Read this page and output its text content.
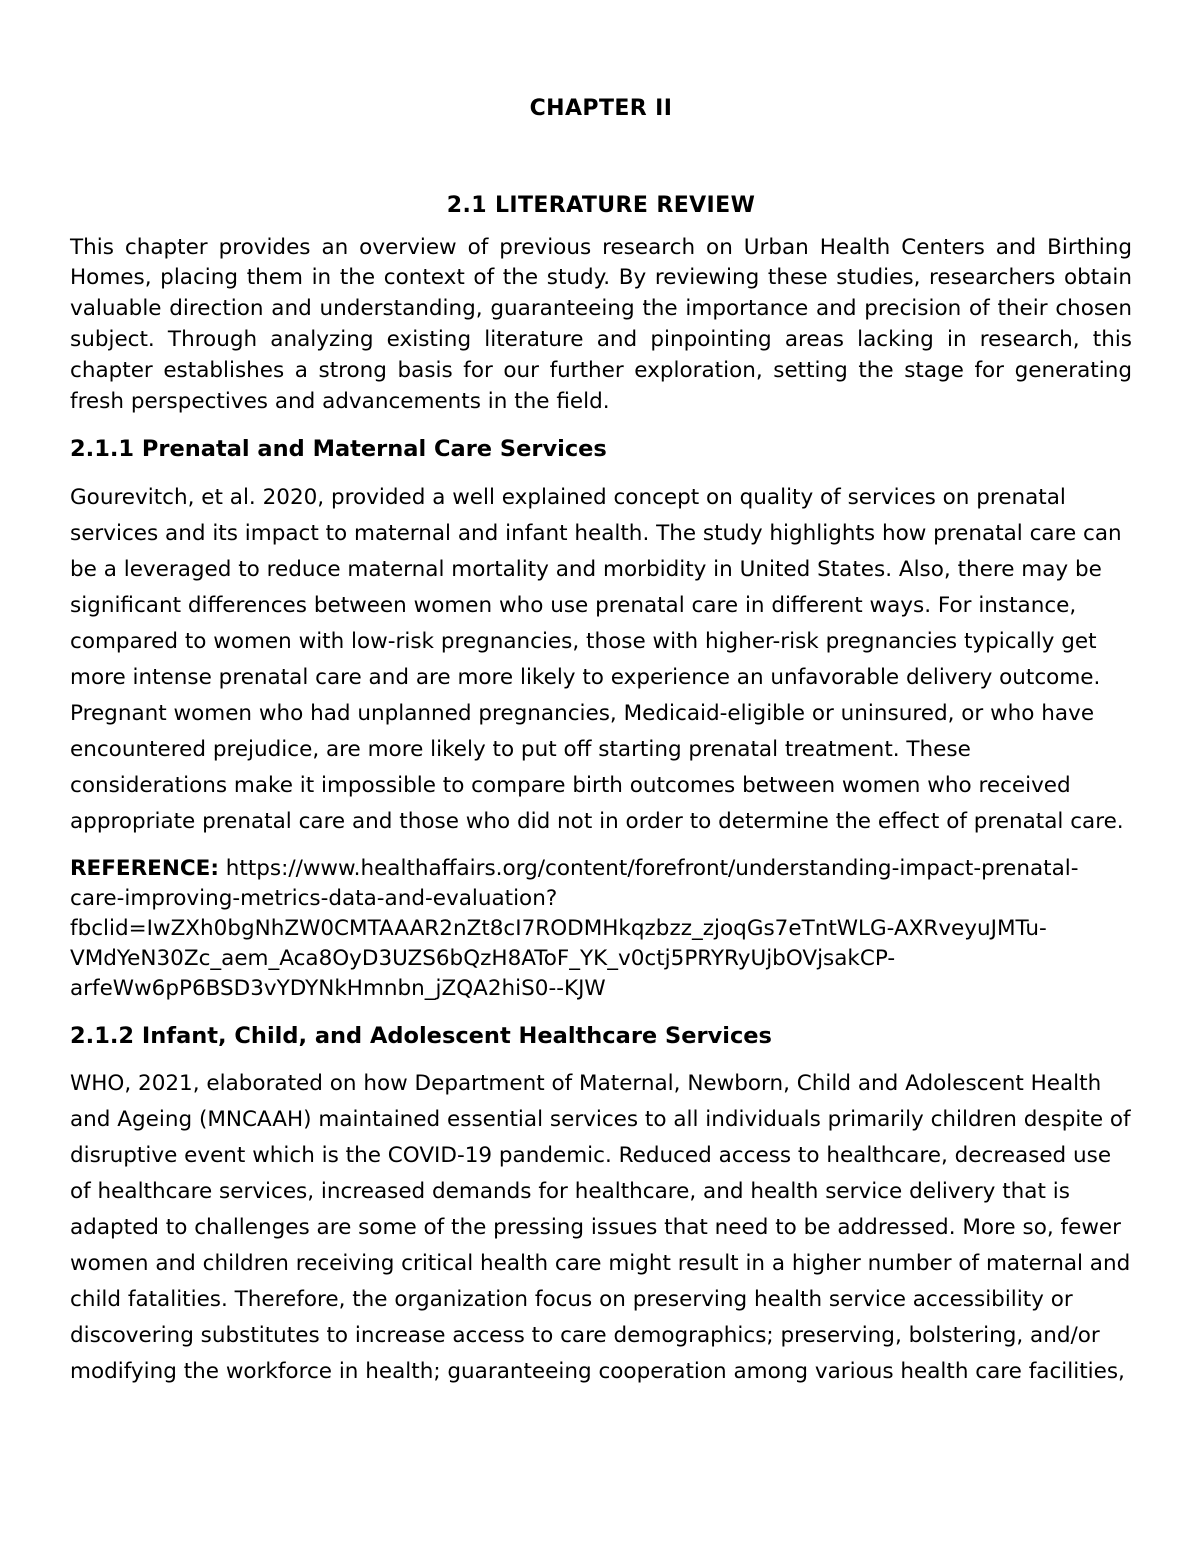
CHAPTER II
2.1 LITERATURE REVIEW

This chapter provides an overview of previous research on Urban Health Centers and Birthing Homes, placing them in the context of the study. By reviewing these studies, researchers obtain valuable direction and understanding, guaranteeing the importance and precision of their chosen subject. Through analyzing existing literature and pinpointing areas lacking in research, this chapter establishes a strong basis for our further exploration, setting the stage for generating fresh perspectives and advancements in the field.

2.1.1 Prenatal and Maternal Care Services

Gourevitch, et al. 2020, provided a well explained concept on quality of services on prenatal services and its impact to maternal and infant health. The study highlights how prenatal care can be a leveraged to reduce maternal mortality and morbidity in United States. Also, there may be significant differences between women who use prenatal care in different ways. For instance, compared to women with low-risk pregnancies, those with higher-risk pregnancies typically get more intense prenatal care and are more likely to experience an unfavorable delivery outcome. Pregnant women who had unplanned pregnancies, Medicaid-eligible or uninsured, or who have encountered prejudice, are more likely to put off starting prenatal treatment. These considerations make it impossible to compare birth outcomes between women who received appropriate prenatal care and those who did not in order to determine the effect of prenatal care.

REFERENCE: https://www.healthaffairs.org/content/forefront/understanding-impact-prenatal-care-improving-metrics-data-and-evaluation?fbclid=IwZXh0bgNhZW0CMTAAAR2nZt8cI7RODMHkqzbzz_zjoqGs7eTntWLG-AXRveyuJMTu-VMdYeN30Zc_aem_Aca8OyD3UZS6bQzH8AToF_YK_v0ctj5PRYRyUjbOVjsakCP-arfeWw6pP6BSD3vYDYNkHmnbn_jZQA2hiS0--KJW

2.1.2 Infant, Child, and Adolescent Healthcare Services

WHO, 2021, elaborated on how Department of Maternal, Newborn, Child and Adolescent Health and Ageing (MNCAAH) maintained essential services to all individuals primarily children despite of disruptive event which is the COVID-19 pandemic. Reduced access to healthcare, decreased use of healthcare services, increased demands for healthcare, and health service delivery that is adapted to challenges are some of the pressing issues that need to be addressed. More so, fewer women and children receiving critical health care might result in a higher number of maternal and child fatalities. Therefore, the organization focus on preserving health service accessibility or discovering substitutes to increase access to care demographics; preserving, bolstering, and/or modifying the workforce in health; guaranteeing cooperation among various health care facilities,
